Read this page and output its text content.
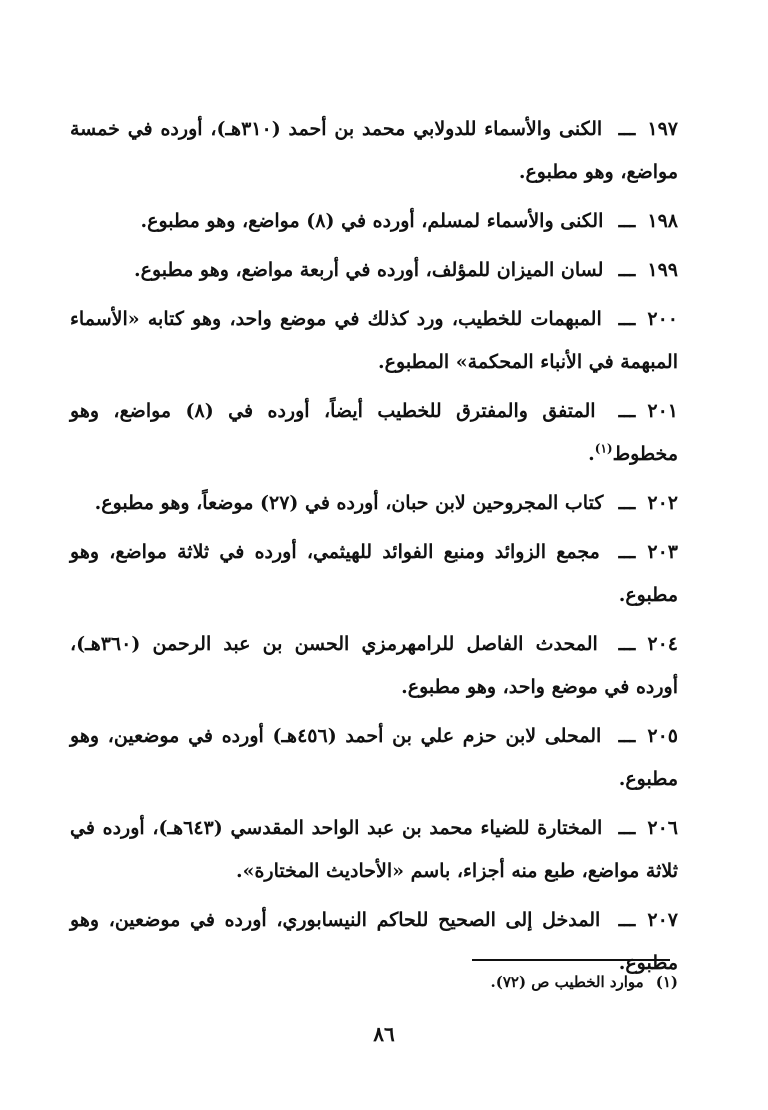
١٩٧ـــ الكنى والأسماء للدولابي محمد بن أحمد (٣١٠هـ)، أورده في خمسة مواضع، وهو مطبوع.
١٩٨ـــ الكنى والأسماء لمسلم، أورده في (٨) مواضع، وهو مطبوع.
١٩٩ـــ لسان الميزان للمؤلف، أورده في أربعة مواضع، وهو مطبوع.
٢٠٠ـــ المبهمات للخطيب، ورد كذلك في موضع واحد، وهو كتابه «الأسماء المبهمة في الأنباء المحكمة» المطبوع.
٢٠١ـــ المتفق والمفترق للخطيب أيضاً، أورده في (٨) مواضع، وهو مخطوط$^{(١)}$.
٢٠٢ـــ كتاب المجروحين لابن حبان، أورده في (٢٧) موضعاً، وهو مطبوع.
٢٠٣ـــ مجمع الزوائد ومنبع الفوائد للهيثمي، أورده في ثلاثة مواضع، وهو مطبوع.
٢٠٤ـــ المحدث الفاصل للرامهرمزي الحسن بن عبد الرحمن (٣٦٠هـ)، أورده في موضع واحد، وهو مطبوع.
٢٠٥ـــ المحلى لابن حزم علي بن أحمد (٤٥٦هـ) أورده في موضعين، وهو مطبوع.
٢٠٦ـــ المختارة للضياء محمد بن عبد الواحد المقدسي (٦٤٣هـ)، أورده في ثلاثة مواضع، طبع منه أجزاء، باسم «الأحاديث المختارة».
٢٠٧ـــ المدخل إلى الصحيح للحاكم النيسابوري، أورده في موضعين، وهو مطبوع.
(١)موارد الخطيب ص (٧٢).
٨٦
